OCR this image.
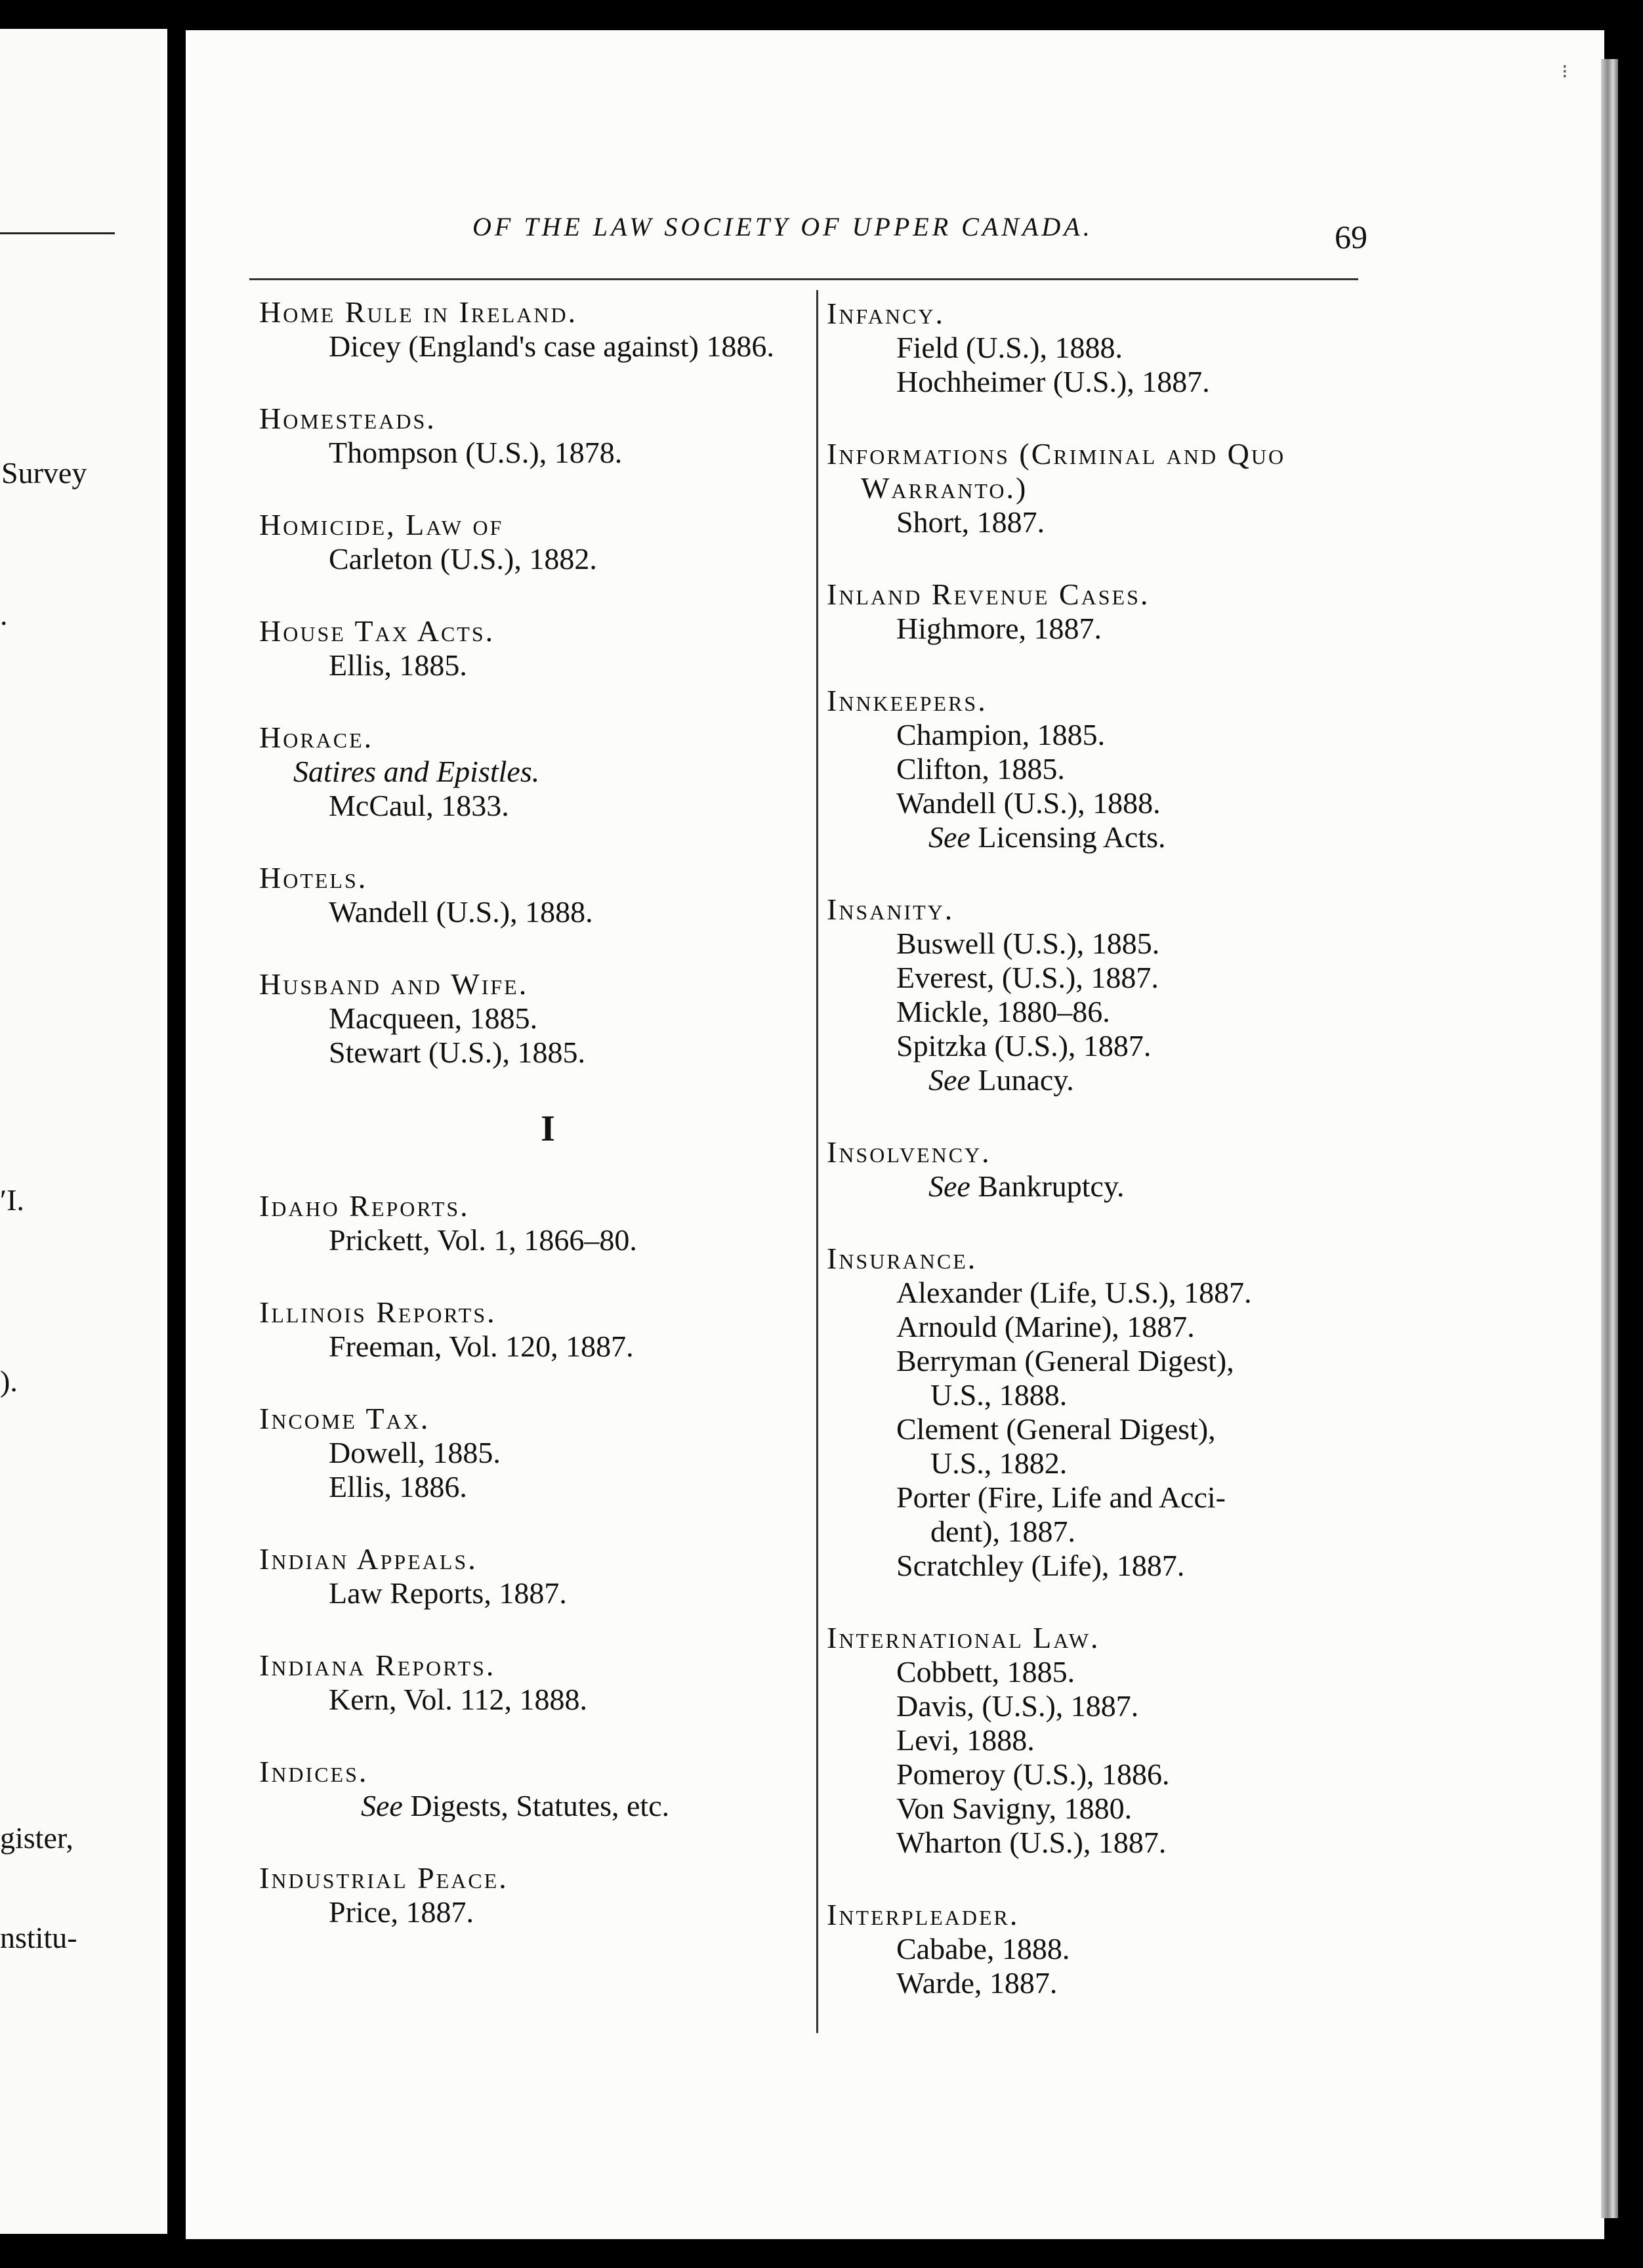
Survey
.
ʹI.
).
gister,
nstitu-
⁝
OF THE LAW SOCIETY OF UPPER CANADA.	69
Home Rule in Ireland.
Dicey (England's case against) 1886.
Homesteads.
Thompson (U.S.), 1878.
Homicide, Law of
Carleton (U.S.), 1882.
House Tax Acts.
Ellis, 1885.
Horace.
Satires and Epistles.
McCaul, 1833.
Hotels.
Wandell (U.S.), 1888.
Husband and Wife.
Macqueen, 1885.
Stewart (U.S.), 1885.
I
Idaho Reports.
Prickett, Vol. 1, 1866–80.
Illinois Reports.
Freeman, Vol. 120, 1887.
Income Tax.
Dowell, 1885.
Ellis, 1886.
Indian Appeals.
Law Reports, 1887.
Indiana Reports.
Kern, Vol. 112, 1888.
Indices.
See Digests, Statutes, etc.
Industrial Peace.
Price, 1887.
Infancy.
Field (U.S.), 1888.
Hochheimer (U.S.), 1887.
Informations (Criminal and Quo
Warranto.)
Short, 1887.
Inland Revenue Cases.
Highmore, 1887.
Innkeepers.
Champion, 1885.
Clifton, 1885.
Wandell (U.S.), 1888.
See Licensing Acts.
Insanity.
Buswell (U.S.), 1885.
Everest, (U.S.), 1887.
Mickle, 1880–86.
Spitzka (U.S.), 1887.
See Lunacy.
Insolvency.
See Bankruptcy.
Insurance.
Alexander (Life, U.S.), 1887.
Arnould (Marine), 1887.
Berryman (General Digest),
U.S., 1888.
Clement (General Digest),
U.S., 1882.
Porter (Fire, Life and Acci-
dent), 1887.
Scratchley (Life), 1887.
International Law.
Cobbett, 1885.
Davis, (U.S.), 1887.
Levi, 1888.
Pomeroy (U.S.), 1886.
Von Savigny, 1880.
Wharton (U.S.), 1887.
Interpleader.
Cababe, 1888.
Warde, 1887.
